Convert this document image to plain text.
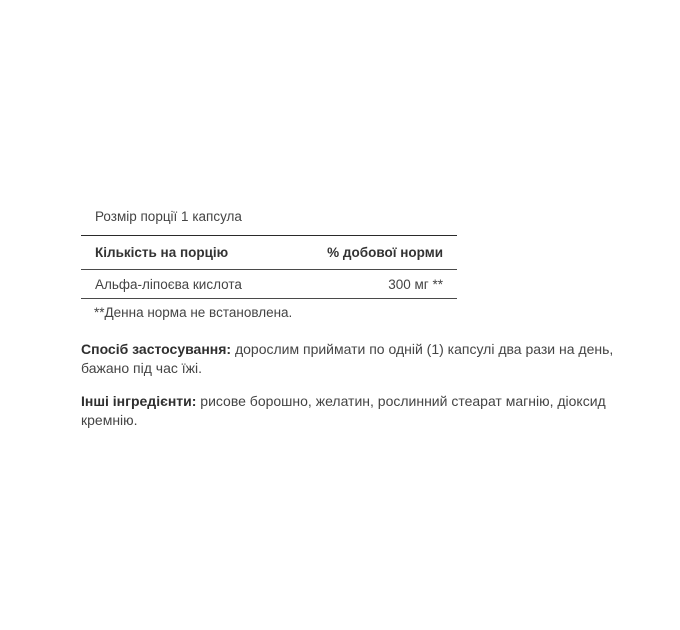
Розмір порції 1 капсула
Кількість на порцію	% добової норми
Альфа-ліпоєва кислота	300 мг **
**Денна норма не встановлена.
Спосіб застосування: дорослим приймати по одній (1) капсулі два рази на день, бажано під час їжі.
Інші інгредієнти: рисове борошно, желатин, рослинний стеарат магнію, діоксид кремнію.
